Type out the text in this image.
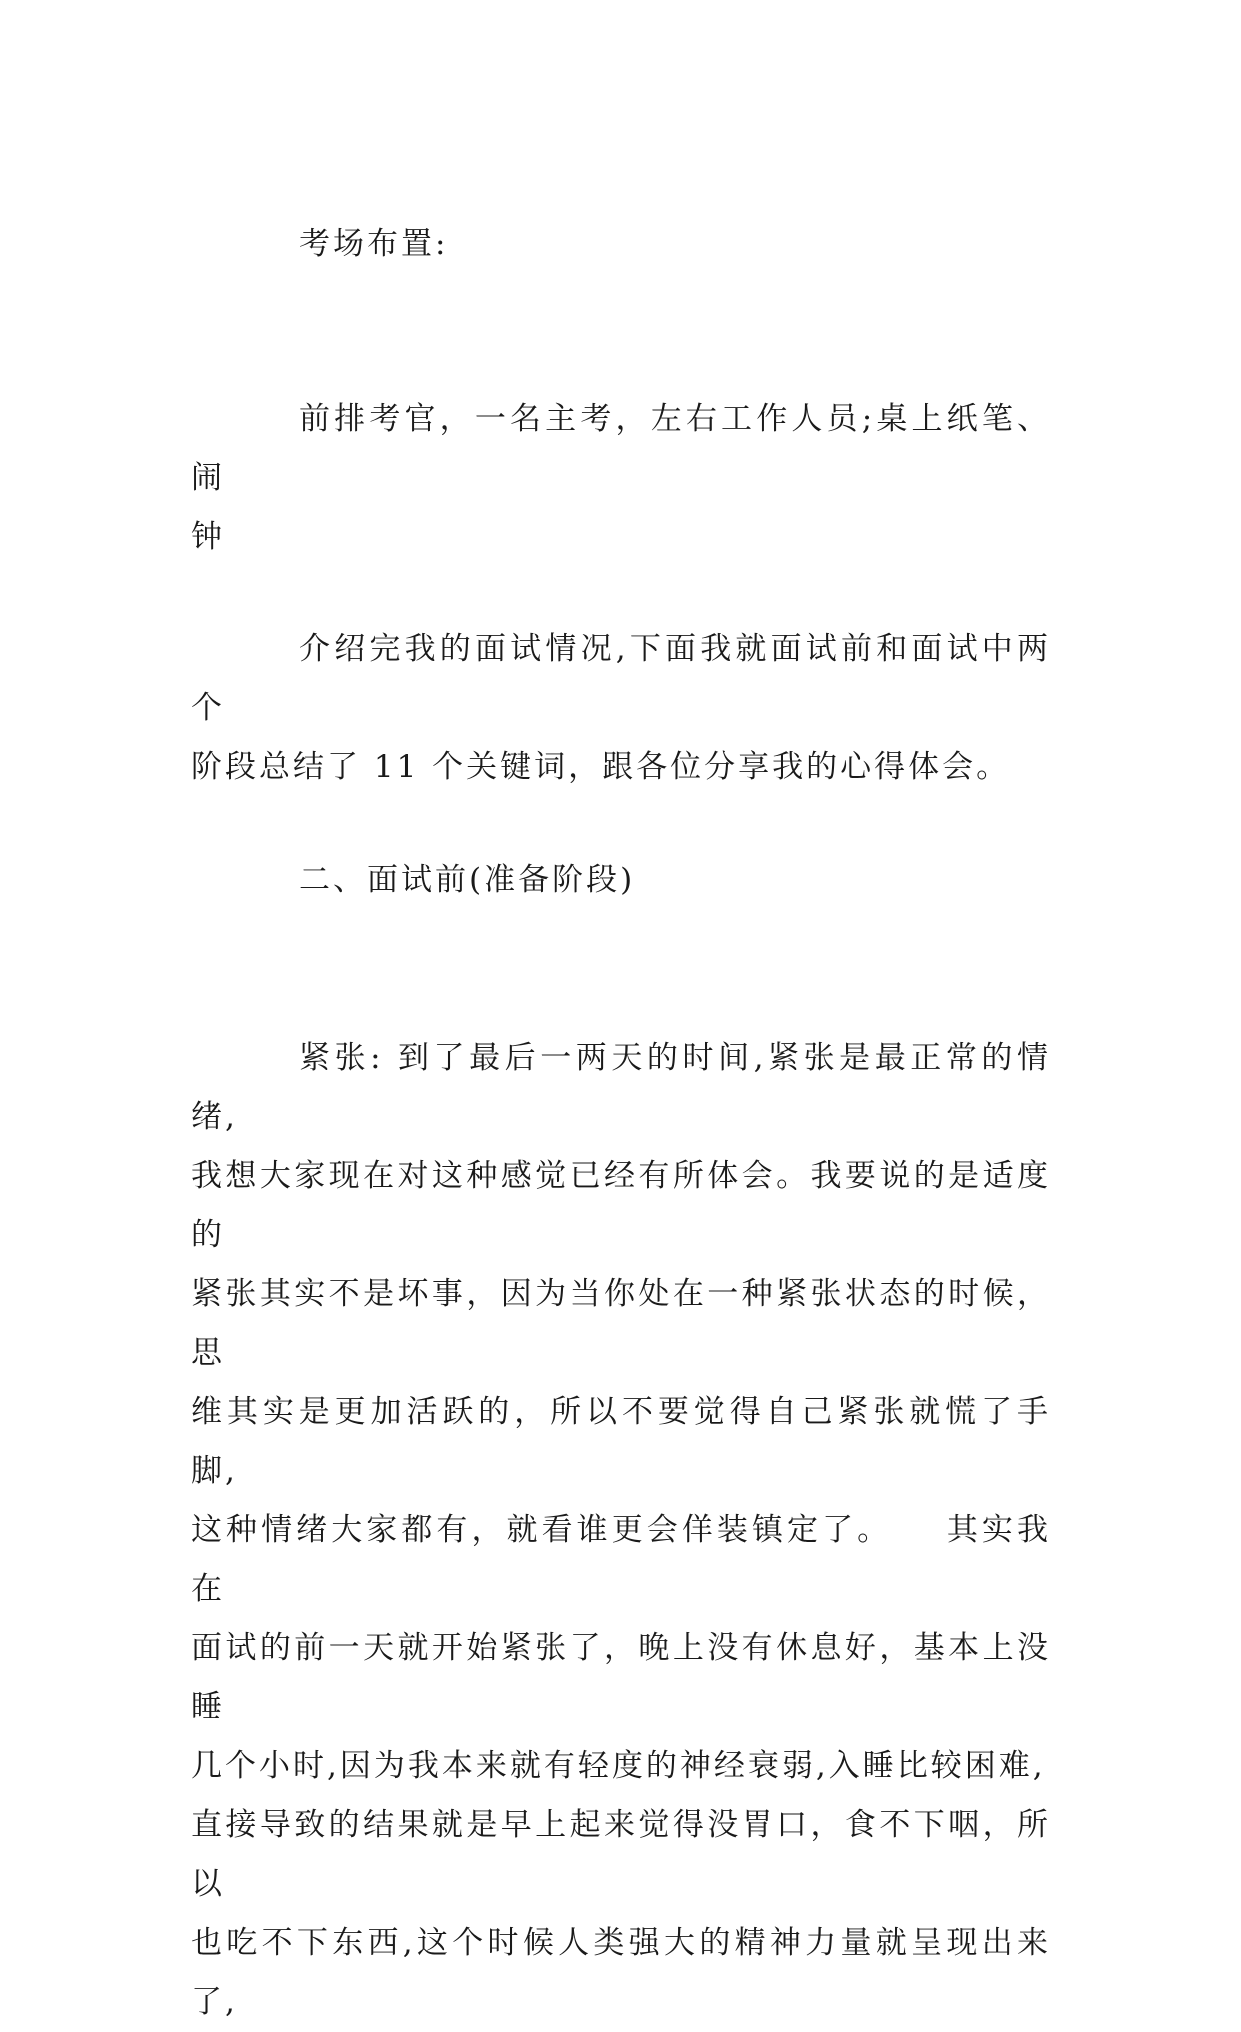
考场布置:

前排考官，一名主考，左右工作人员;桌上纸笔、闹
钟

介绍完我的面试情况,下面我就面试前和面试中两个
阶段总结了 11 个关键词，跟各位分享我的心得体会。

二、面试前(准备阶段)

紧张: 到了最后一两天的时间,紧张是最正常的情绪,
我想大家现在对这种感觉已经有所体会。我要说的是适度的
紧张其实不是坏事，因为当你处在一种紧张状态的时候，思
维其实是更加活跃的，所以不要觉得自己紧张就慌了手脚,
这种情绪大家都有，就看谁更会佯装镇定了。　　其实我在
面试的前一天就开始紧张了，晚上没有休息好，基本上没睡
几个小时,因为我本来就有轻度的神经衰弱,入睡比较困难,
直接导致的结果就是早上起来觉得没胃口，食不下咽，所以
也吃不下东西,这个时候人类强大的精神力量就呈现出来了,
